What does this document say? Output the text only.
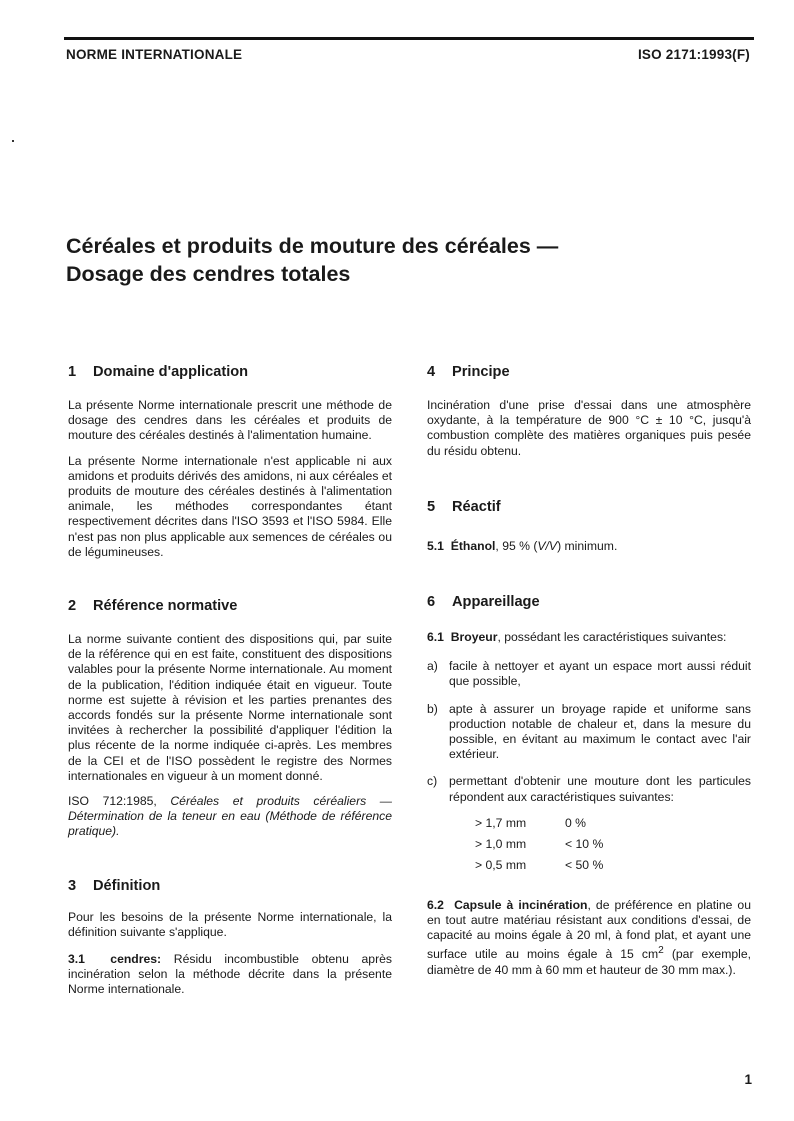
NORME INTERNATIONALE	ISO 2171:1993(F)
Céréales et produits de mouture des céréales —
Dosage des cendres totales
1 Domaine d'application

La présente Norme internationale prescrit une méthode de dosage des cendres dans les céréales et produits de mouture des céréales destinés à l'alimentation humaine.

La présente Norme internationale n'est applicable ni aux amidons et produits dérivés des amidons, ni aux céréales et produits de mouture des céréales destinés à l'alimentation animale, les méthodes correspondantes étant respectivement décrites dans l'ISO 3593 et l'ISO 5984. Elle n'est pas non plus applicable aux semences de céréales ou de légumineuses.

2 Référence normative

La norme suivante contient des dispositions qui, par suite de la référence qui en est faite, constituent des dispositions valables pour la présente Norme internationale. Au moment de la publication, l'édition indiquée était en vigueur. Toute norme est sujette à révision et les parties prenantes des accords fondés sur la présente Norme internationale sont invitées à rechercher la possibilité d'appliquer l'édition la plus récente de la norme indiquée ci-après. Les membres de la CEI et de l'ISO possèdent le registre des Normes internationales en vigueur à un moment donné.

ISO 712:1985, Céréales et produits céréaliers — Détermination de la teneur en eau (Méthode de référence pratique).

3 Définition

Pour les besoins de la présente Norme internationale, la définition suivante s'applique.

3.1 cendres: Résidu incombustible obtenu après incinération selon la méthode décrite dans la présente Norme internationale.

4 Principe

Incinération d'une prise d'essai dans une atmosphère oxydante, à la température de 900 °C ± 10 °C, jusqu'à combustion complète des matières organiques puis pesée du résidu obtenu.

5 Réactif

5.1 Éthanol, 95 % (V/V) minimum.

6 Appareillage

6.1 Broyeur, possédant les caractéristiques suivantes:

a) facile à nettoyer et ayant un espace mort aussi réduit que possible,
b) apte à assurer un broyage rapide et uniforme sans production notable de chaleur et, dans la mesure du possible, en évitant au maximum le contact avec l'air extérieur.
c) permettant d'obtenir une mouture dont les particules répondent aux caractéristiques suivantes:
> 1,7 mm	0 %
> 1,0 mm	< 10 %
> 0,5 mm	< 50 %

6.2 Capsule à incinération, de préférence en platine ou en tout autre matériau résistant aux conditions d'essai, de capacité au moins égale à 20 ml, à fond plat, et ayant une surface utile au moins égale à 15 $cm^2$ (par exemple, diamètre de 40 mm à 60 mm et hauteur de 30 mm max.).

1
